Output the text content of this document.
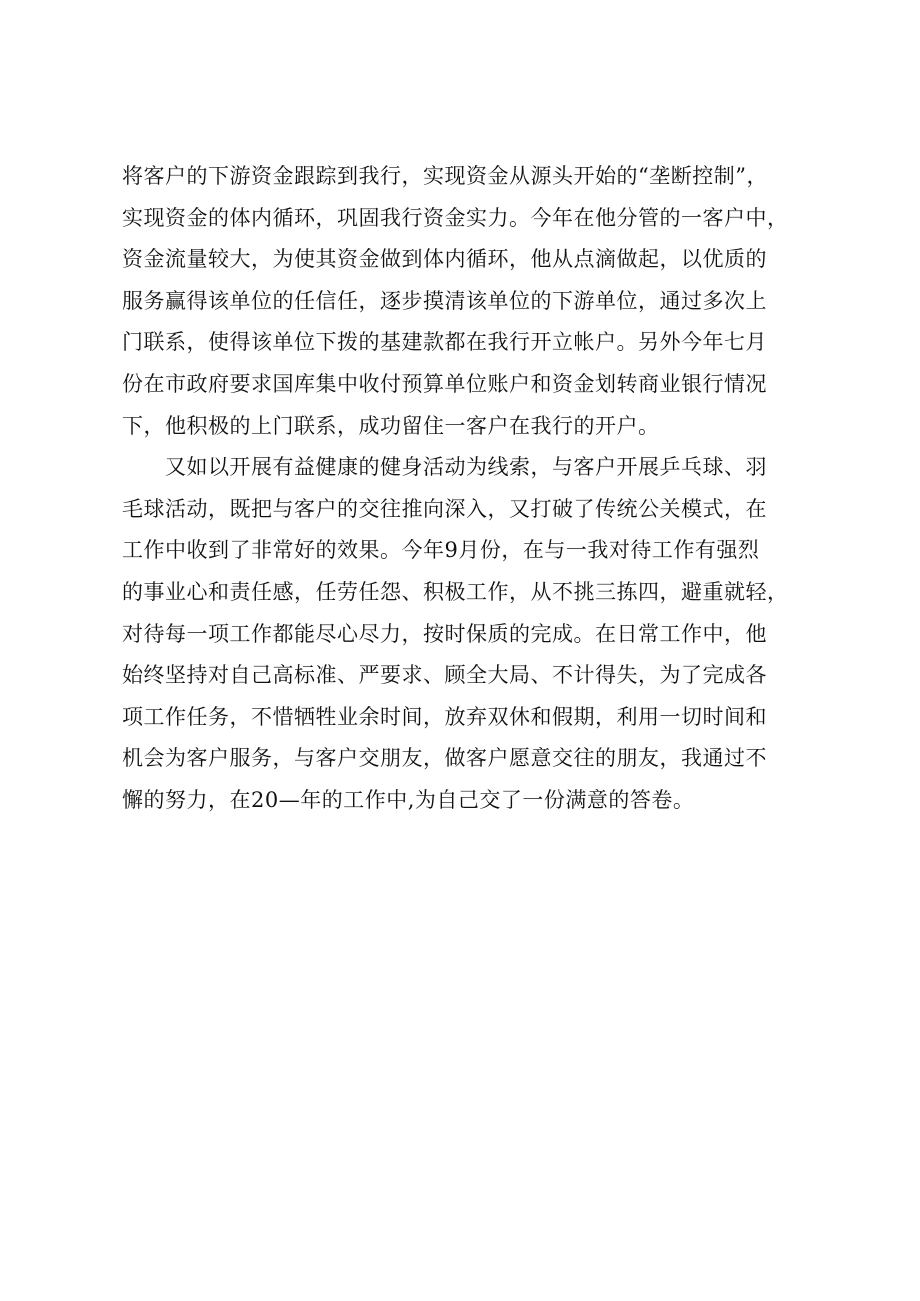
将客户的下游资金跟踪到我行，实现资金从源头开始的“垄断控制”，
实现资金的体内循环，巩固我行资金实力。今年在他分管的一客户中，
资金流量较大，为使其资金做到体内循环，他从点滴做起，以优质的
服务赢得该单位的任信任，逐步摸清该单位的下游单位，通过多次上
门联系，使得该单位下拨的基建款都在我行开立帐户。另外今年七月
份在市政府要求国库集中收付预算单位账户和资金划转商业银行情况
下，他积极的上门联系，成功留住一客户在我行的开户。
　　又如以开展有益健康的健身活动为线索，与客户开展乒乓球、羽
毛球活动，既把与客户的交往推向深入，又打破了传统公关模式，在
工作中收到了非常好的效果。今年9月份，在与一我对待工作有强烈
的事业心和责任感，任劳任怨、积极工作，从不挑三拣四，避重就轻，
对待每一项工作都能尽心尽力，按时保质的完成。在日常工作中，他
始终坚持对自己高标准、严要求、顾全大局、不计得失，为了完成各
项工作任务，不惜牺牲业余时间，放弃双休和假期，利用一切时间和
机会为客户服务，与客户交朋友，做客户愿意交往的朋友，我通过不
懈的努力，在20—年的工作中,为自己交了一份满意的答卷。
